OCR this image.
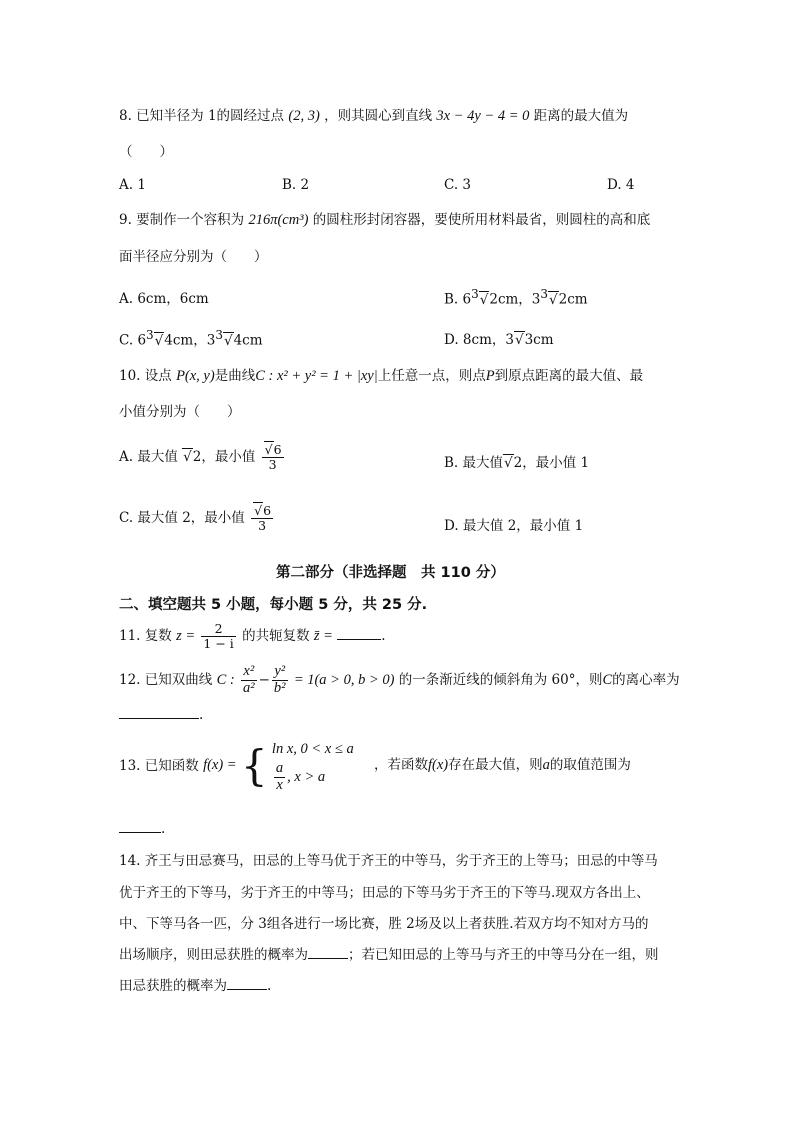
8. 已知半径为 1的圆经过点 (2, 3) ，则其圆心到直线 3x − 4y − 4 = 0 距离的最大值为
（　　）
A. 1	B. 2	C. 3	D. 4
9. 要制作一个容积为 216π(cm³) 的圆柱形封闭容器，要使所用材料最省，则圆柱的高和底
面半径应分别为（　　）
A. 6cm，6cm	B. $6^3√2cm$，$3^3√2cm$
C. $6^3√4cm$，$3^3√4cm$	D. 8cm，3√3cm
10. 设点 P(x, y)是曲线C : x² + y² = 1 + |xy|上任意一点，则点P到原点距离的最大值、最
小值分别为（　　）
A. 最大值 √2，最小值 $\frac{√6}{3}$	B. 最大值√2，最小值 1
C. 最大值 2，最小值 $\frac{√6}{3}$	D. 最大值 2，最小值 1
第二部分（非选择题　共 110 分）
二、填空题共 5 小题，每小题 5 分，共 25 分.
11. 复数 $z = \frac{2}{1 - i}$ 的共轭复数 z̄ =	.
12. 已知双曲线 C : $\frac{\text{x²}}{\text{a²}} - \frac{\text{y²}}{\text{b²}} = 1(a > 0$, b > 0) 的一条渐近线的倾斜角为 60°，则C的离心率为
.
13. 已知函数 f(x) = { ln x, 0 < x ≤ a
$\frac{a}{x}$ , x > a
，若函数f(x)存在最大值，则a的取值范围为
.
14. 齐王与田忌赛马，田忌的上等马优于齐王的中等马，劣于齐王的上等马；田忌的中等马
优于齐王的下等马，劣于齐王的中等马；田忌的下等马劣于齐王的下等马.现双方各出上、
中、下等马各一匹，分 3组各进行一场比赛，胜 2场及以上者获胜.若双方均不知对方马的
出场顺序，则田忌获胜的概率为	；若已知田忌的上等马与齐王的中等马分在一组，则
田忌获胜的概率为	.
